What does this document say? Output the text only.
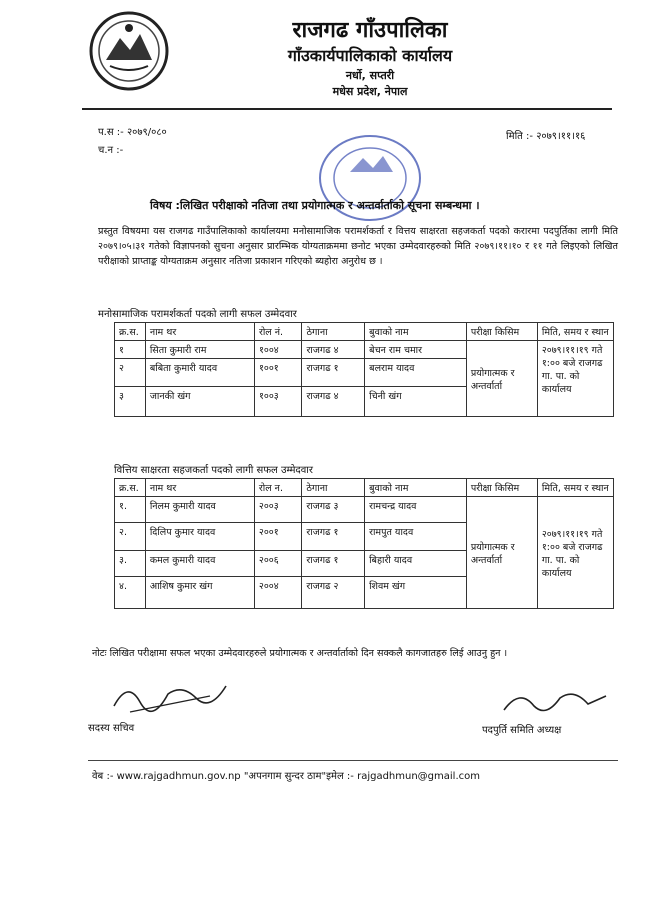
राजगढ गाँउपालिका
गाँउकार्यपालिकाको कार्यालय
नर्धो, सप्तरी
मधेस प्रदेश, नेपाल
प.स :- २०७९/०८०
च.न :-
मिति :- २०७९।११।१६
विषय :लिखित परीक्षाको नतिजा तथा प्रयोगात्मक र अन्तर्वार्ताको सूचना सम्बन्धमा ।
प्रस्तुत विषयमा यस राजगढ गाउँपालिकाको कार्यालयमा मनोसामाजिक परामर्शकर्ता र वित्तय साक्षरता सहजकर्ता पदको करारमा पदपुर्तिका लागी मिति २०७९।०५।३१ गतेको विज्ञापनको सुचना अनुसार प्रारम्भिक योग्यताक्रममा छनोट भएका उम्मेदवारहरुको मिति २०७९।११।१० र ११ गते लिइएको लिखित परीक्षाको प्राप्ताङ्क योग्यताक्रम अनुसार नतिजा प्रकाशन गरिएको ब्यहोरा अनुरोध छ ।
मनोसामाजिक परामर्शकर्ता पदको लागी सफल उम्मेदवार
क्र.स.	नाम थर	रोल नं.	ठेगाना	बुवाको नाम	परीक्षा किसिम	मिति, समय र स्थान
१	सिता कुमारी राम	१००४	राजगढ ४	बेचन राम चमार	प्रयोगात्मक र अन्तर्वार्ता	२०७९।११।१९ गते १:०० बजे राजगढ गा. पा. को कार्यालय
२	बबिता कुमारी यादव	१००१	राजगढ १	बलराम यादव		
३	जानकी खंग	१००३	राजगढ ४	चिनी खंग		
वित्तिय साक्षरता सहजकर्ता पदको लागी सफल उम्मेदवार
क्र.स.	नाम थर	रोल न.	ठेगाना	बुवाको नाम	परीक्षा किसिम	मिति, समय र स्थान
१.	निलम कुमारी यादव	२००३	राजगढ ३	रामचन्द्र यादव	प्रयोगात्मक र अन्तर्वार्ता	२०७९।११।१९ गते १:०० बजे राजगढ गा. पा. को कार्यालय
२.	दिलिप कुमार यादव	२००१	राजगढ १	रामपुत यादव		
३.	कमल कुमारी यादव	२००६	राजगढ १	बिहारी यादव		
४.	आशिष कुमार खंग	२००४	राजगढ २	शिवम खंग		
नोटः लिखित परीक्षामा सफल भएका उम्मेदवारहरुले प्रयोगात्मक र अन्तर्वार्ताको दिन सक्कलै कागजातहरु लिई आउनु हुन ।
सदस्य सचिव	पदपुर्ति समिति अध्यक्ष
वेब :- www.rajgadhmun.gov.np "अपनगाम सुन्दर ठाम"इमेल :- rajgadhmun@gmail.com
